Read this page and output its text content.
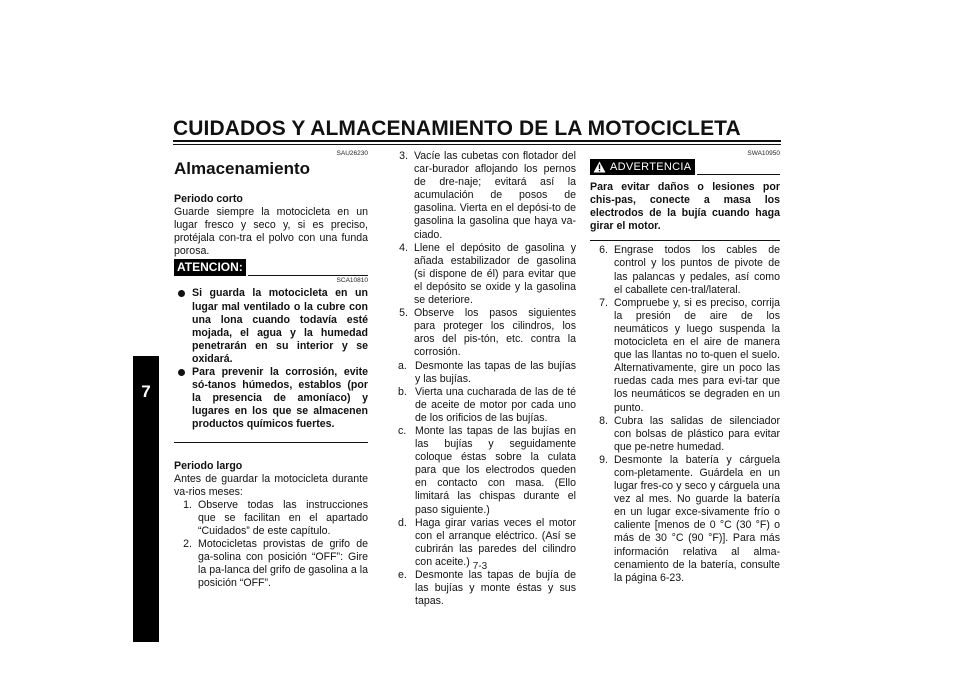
CUIDADOS Y ALMACENAMIENTO DE LA MOTOCICLETA
7
SAU26230
Almacenamiento

Periodo corto

Guarde siempre la motocicleta en un lugar fresco y seco y, si es preciso, protéjala con-tra el polvo con una funda porosa.

ATENCION:
SCA10810
Si guarda la motocicleta en un lugar mal ventilado o la cubre con una lona cuando todavía esté mojada, el agua y la humedad penetrarán en su interior y se oxidará.
Para prevenir la corrosión, evite só-tanos húmedos, establos (por la presencia de amoníaco) y lugares en los que se almacenen productos químicos fuertes.

Periodo largo

Antes de guardar la motocicleta durante va-rios meses:

1. Observe todas las instrucciones que se facilitan en el apartado “Cuidados” de este capítulo.
2. Motocicletas provistas de grifo de ga-solina con posición “OFF”: Gire la pa-lanca del grifo de gasolina a la posición “OFF”.
3. Vacíe las cubetas con flotador del car-burador aflojando los pernos de dre-naje; evitará así la acumulación de posos de gasolina. Vierta en el depósi-to de gasolina la gasolina que haya va-ciado.
4. Llene el depósito de gasolina y añada estabilizador de gasolina (si dispone de él) para evitar que el depósito se oxide y la gasolina se deteriore.
5. Observe los pasos siguientes para proteger los cilindros, los aros del pis-tón, etc. contra la corrosión.
a. Desmonte las tapas de las bujías y las bujías.
b. Vierta una cucharada de las de té de aceite de motor por cada uno de los orificios de las bujías.
c. Monte las tapas de las bujías en las bujías y seguidamente coloque éstas sobre la culata para que los electrodos queden en contacto con masa. (Ello limitará las chispas durante el paso siguiente.)
d. Haga girar varias veces el motor con el arranque eléctrico. (Así se cubrirán las paredes del cilindro con aceite.)
e. Desmonte las tapas de bujía de las bujías y monte éstas y sus tapas.
SWA10950
ADVERTENCIA

Para evitar daños o lesiones por chis-pas, conecte a masa los electrodos de la bujía cuando haga girar el motor.

6. Engrase todos los cables de control y los puntos de pivote de las palancas y pedales, así como el caballete cen-tral/lateral.
7. Compruebe y, si es preciso, corrija la presión de aire de los neumáticos y luego suspenda la motocicleta en el aire de manera que las llantas no to-quen el suelo. Alternativamente, gire un poco las ruedas cada mes para evi-tar que los neumáticos se degraden en un punto.
8. Cubra las salidas de silenciador con bolsas de plástico para evitar que pe-netre humedad.
9. Desmonte la batería y cárguela com-pletamente. Guárdela en un lugar fres-co y seco y cárguela una vez al mes. No guarde la batería en un lugar exce-sivamente frío o caliente [menos de 0 °C (30 °F) o más de 30 °C (90 °F)]. Para más información relativa al alma-cenamiento de la batería, consulte la página 6-23.
7-3
